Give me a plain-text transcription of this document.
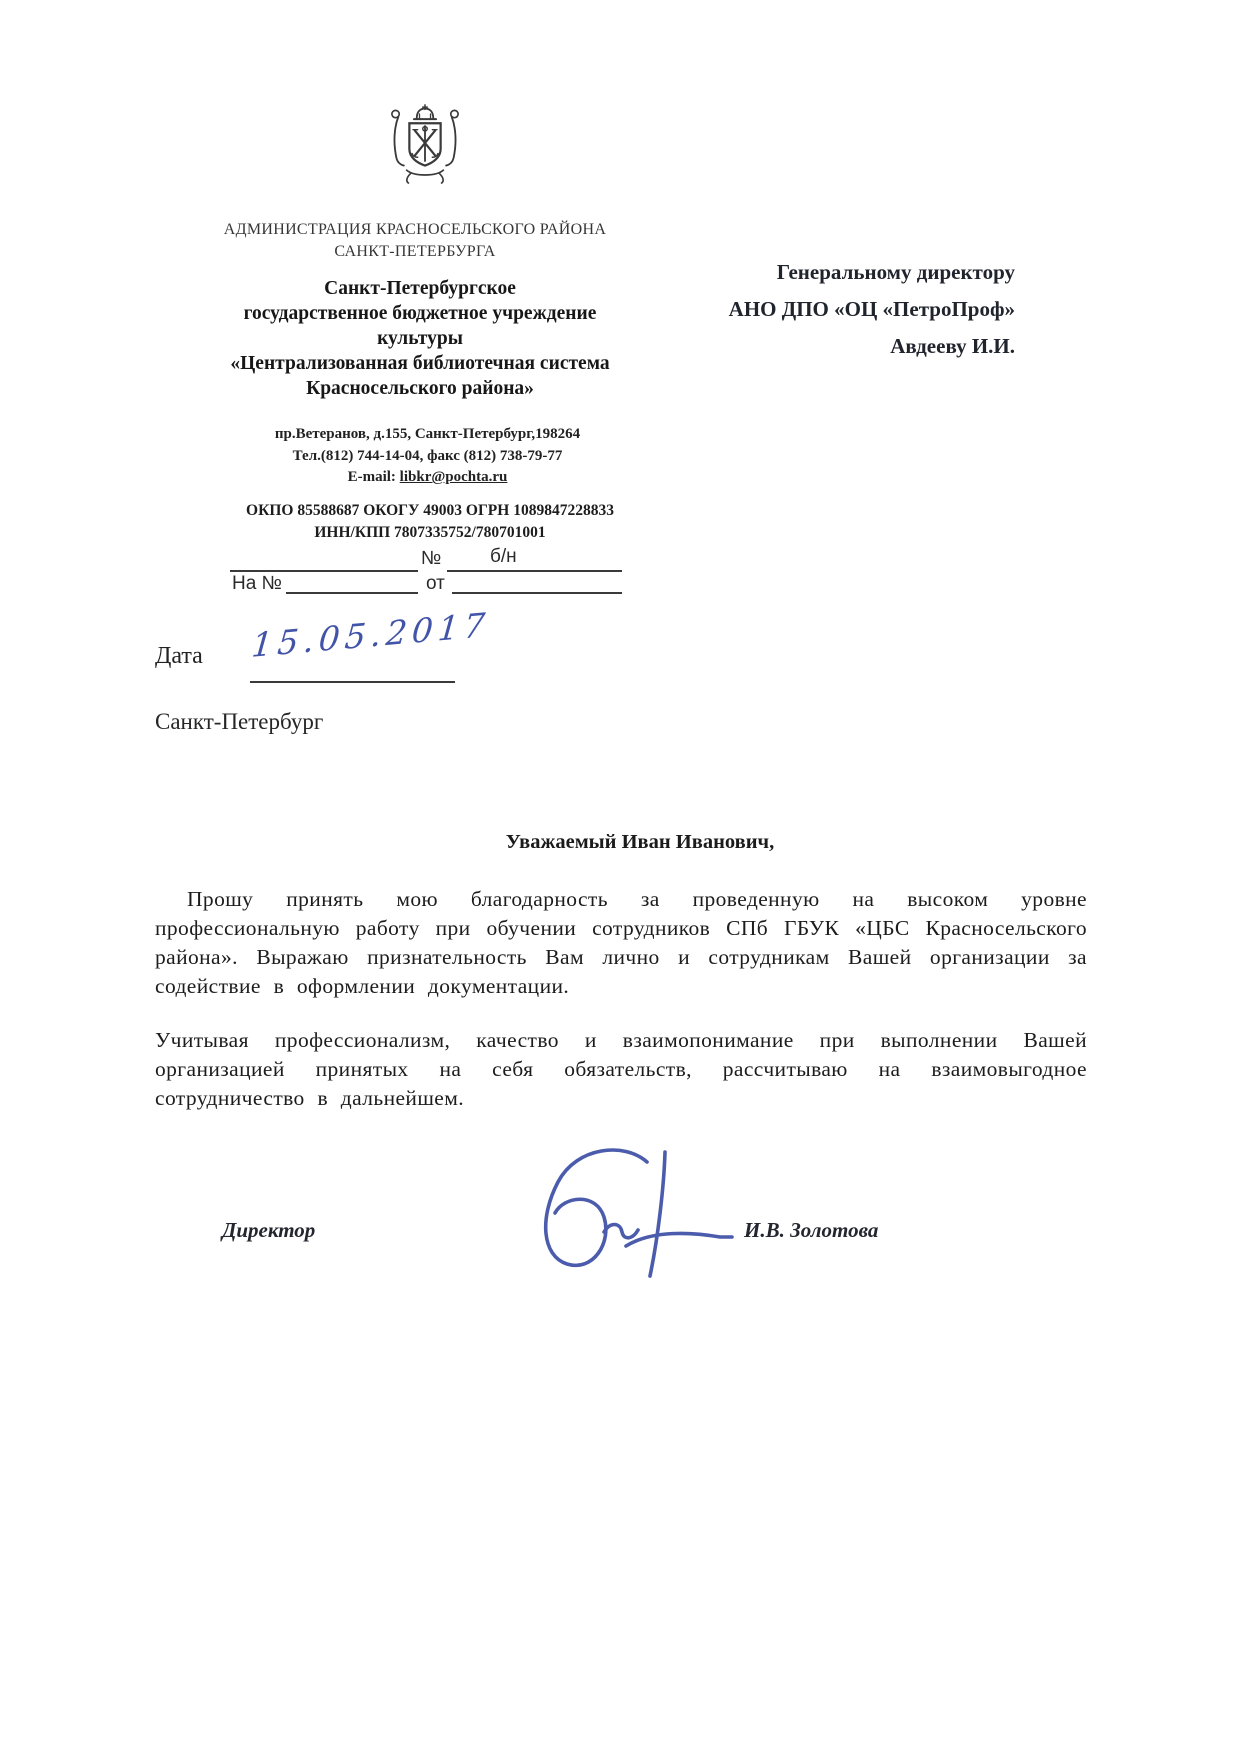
АДМИНИСТРАЦИЯ КРАСНОСЕЛЬСКОГО РАЙОНА
САНКТ-ПЕТЕРБУРГА
Санкт-Петербургское
государственное бюджетное учреждение
культуры
«Централизованная библиотечная система
Красносельского района»
Генеральному директору
АНО ДПО «ОЦ «ПетроПроф»
Авдееву И.И.
пр.Ветеранов, д.155, Санкт-Петербург,198264
Тел.(812) 744-14-04, факс (812) 738-79-77
E-mail: libkr@pochta.ru
ОКПО 85588687 ОКОГУ 49003 ОГРН 1089847228833
ИНН/КПП 7807335752/780701001
№	б/н
На №	от
Дата 15.05.2017
Санкт-Петербург
Уважаемый Иван Иванович,
Прошу принять мою благодарность за проведенную на высоком уровне профессиональную работу при обучении сотрудников СПб ГБУК «ЦБС Красносельского района». Выражаю признательность Вам лично и сотрудникам Вашей организации за содействие в оформлении документации.
Учитывая профессионализм, качество и взаимопонимание при выполнении Вашей организацией принятых на себя обязательств, рассчитываю на взаимовыгодное сотрудничество в дальнейшем.
Директор	И.В. Золотова
